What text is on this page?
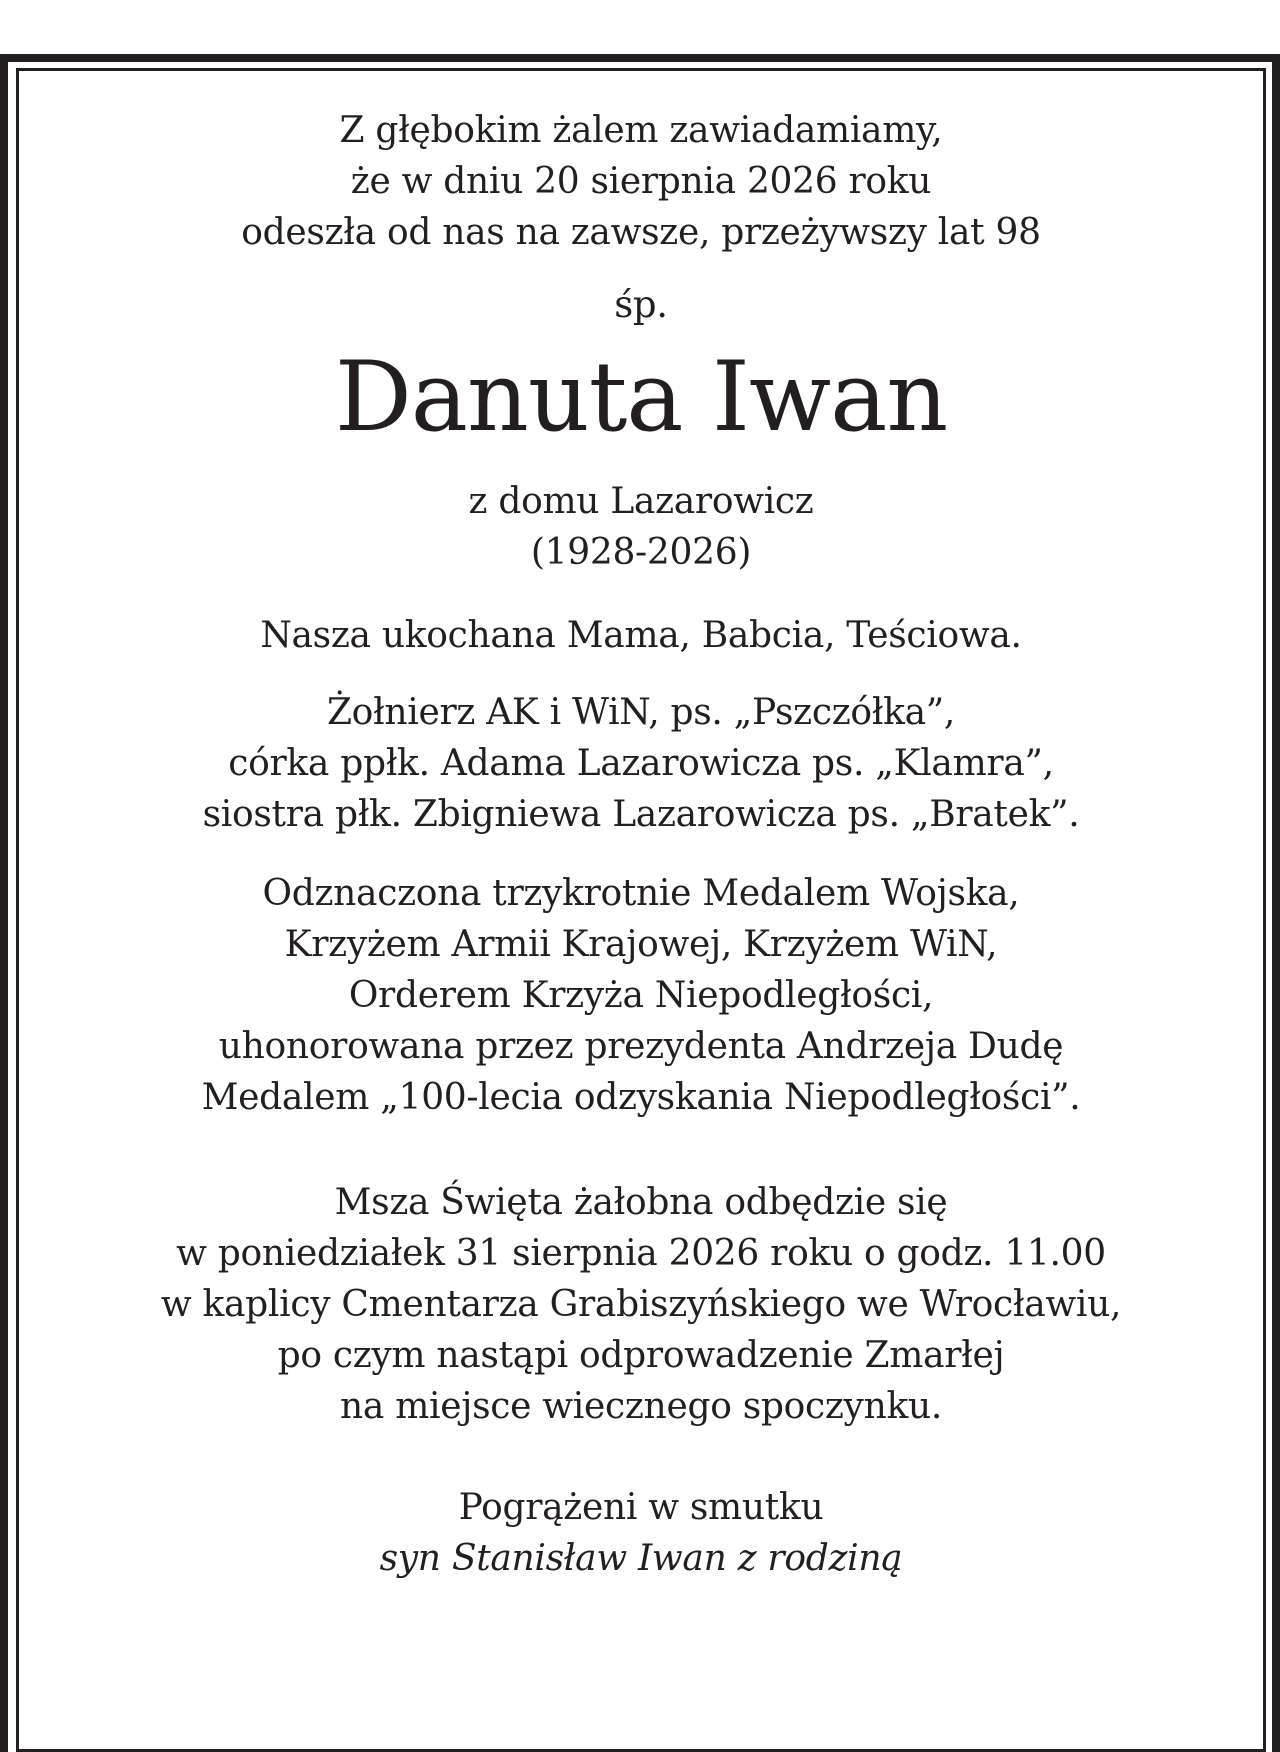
Z głębokim żalem zawiadamiamy,
że w dniu 20 sierpnia 2026 roku
odeszła od nas na zawsze, przeżywszy lat 98

śp.

Danuta Iwan

z domu Lazarowicz
(1928-2026)

Nasza ukochana Mama, Babcia, Teściowa.

Żołnierz AK i WiN, ps. „Pszczółka”,
córka ppłk. Adama Lazarowicza ps. „Klamra”,
siostra płk. Zbigniewa Lazarowicza ps. „Bratek”.

Odznaczona trzykrotnie Medalem Wojska,
Krzyżem Armii Krajowej, Krzyżem WiN,
Orderem Krzyża Niepodległości,
uhonorowana przez prezydenta Andrzeja Dudę
Medalem „100-lecia odzyskania Niepodległości”.

Msza Święta żałobna odbędzie się
w poniedziałek 31 sierpnia 2026 roku o godz. 11.00
w kaplicy Cmentarza Grabiszyńskiego we Wrocławiu,
po czym nastąpi odprowadzenie Zmarłej
na miejsce wiecznego spoczynku.

Pogrążeni w smutku
syn Stanisław Iwan z rodziną
